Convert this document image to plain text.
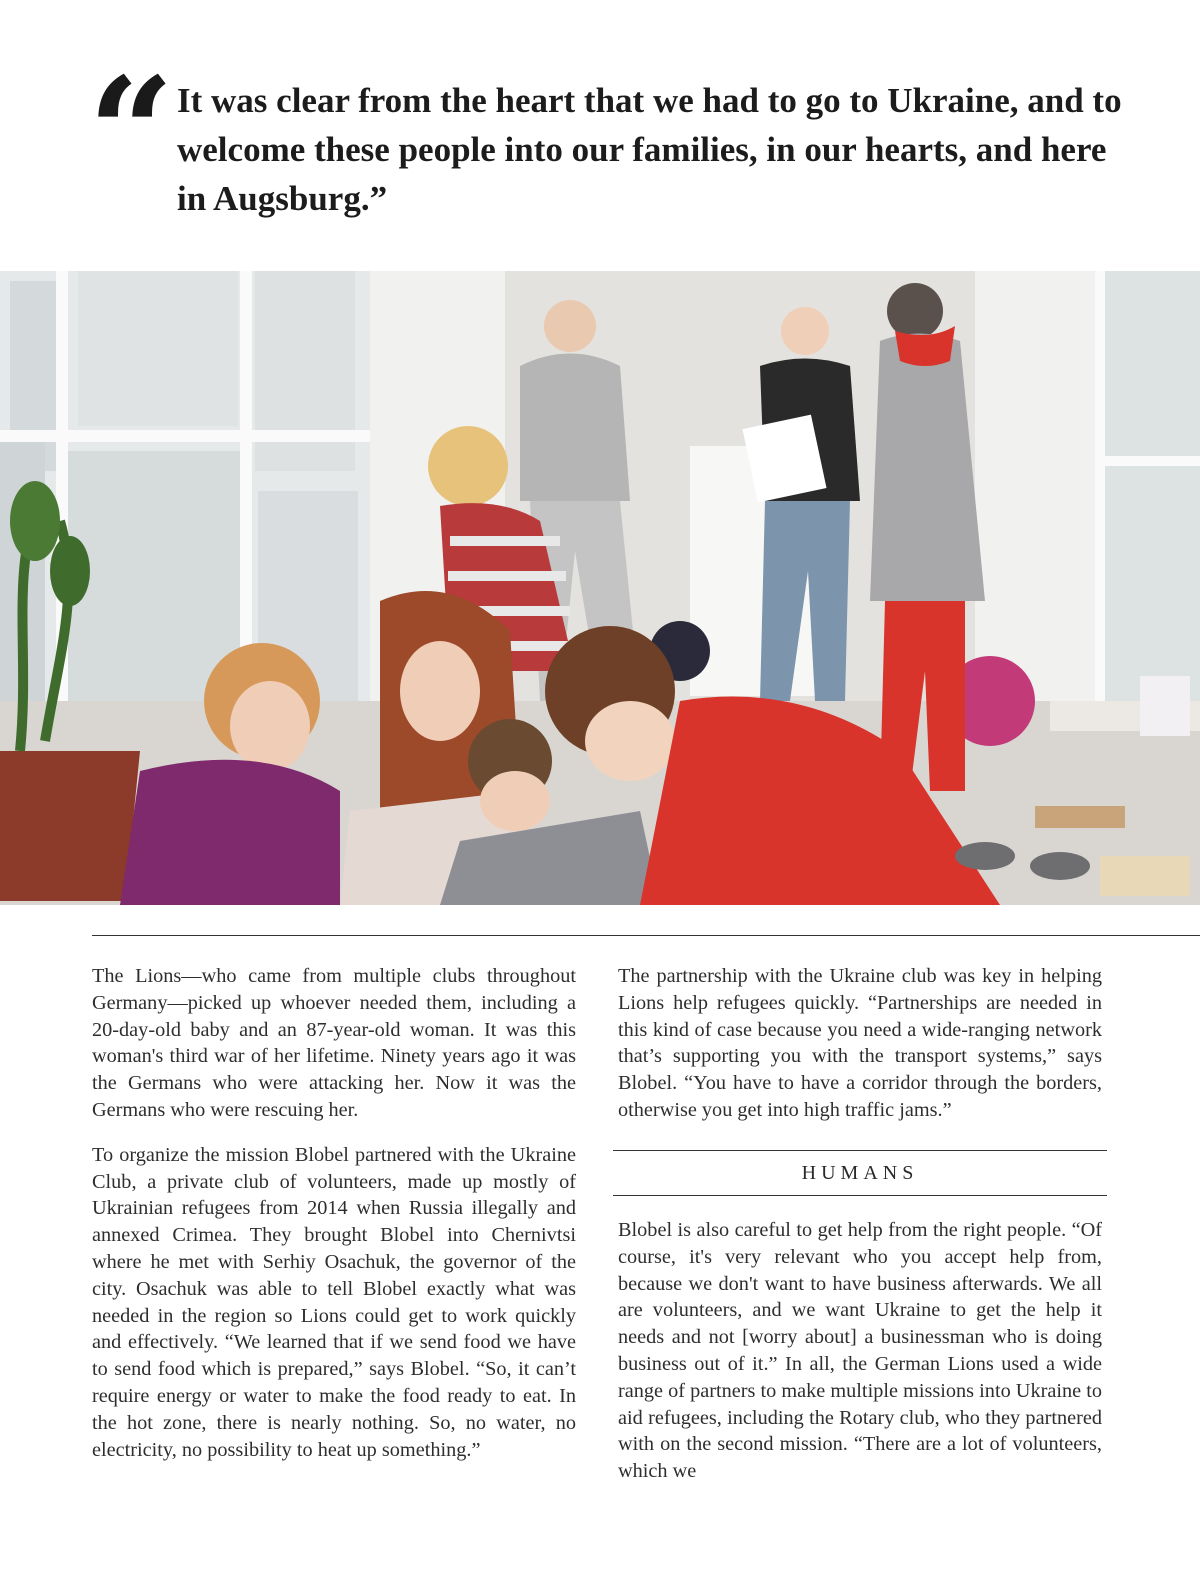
“ It was clear from the heart that we had to go to Ukraine, and to welcome these people into our families, in our hearts, and here in Augsburg.”

The Lions—who came from multiple clubs throughout Germany—picked up whoever needed them, including a 20-day-old baby and an 87-year-old woman. It was this woman's third war of her lifetime. Ninety years ago it was the Germans who were attacking her. Now it was the Germans who were rescuing her.

To organize the mission Blobel partnered with the Ukraine Club, a private club of volunteers, made up mostly of Ukrainian refugees from 2014 when Russia illegally and annexed Crimea. They brought Blobel into Chernivtsi where he met with Serhiy Osachuk, the governor of the city. Osachuk was able to tell Blobel exactly what was needed in the region so Lions could get to work quickly and effectively. “We learned that if we send food we have to send food which is prepared,” says Blobel. “So, it can’t require energy or water to make the food ready to eat. In the hot zone, there is nearly nothing. So, no water, no electricity, no possibility to heat up something.”

The partnership with the Ukraine club was key in helping Lions help refugees quickly. “Partnerships are needed in this kind of case because you need a wide-ranging network that’s supporting you with the transport systems,” says Blobel. “You have to have a corridor through the borders, otherwise you get into high traffic jams.”

HUMANS

Blobel is also careful to get help from the right people. “Of course, it's very relevant who you accept help from, because we don't want to have business afterwards. We all are volunteers, and we want Ukraine to get the help it needs and not [worry about] a businessman who is doing business out of it.” In all, the German Lions used a wide range of partners to make multiple missions into Ukraine to aid refugees, including the Rotary club, who they partnered with on the second mission. “There are a lot of volunteers, which we
